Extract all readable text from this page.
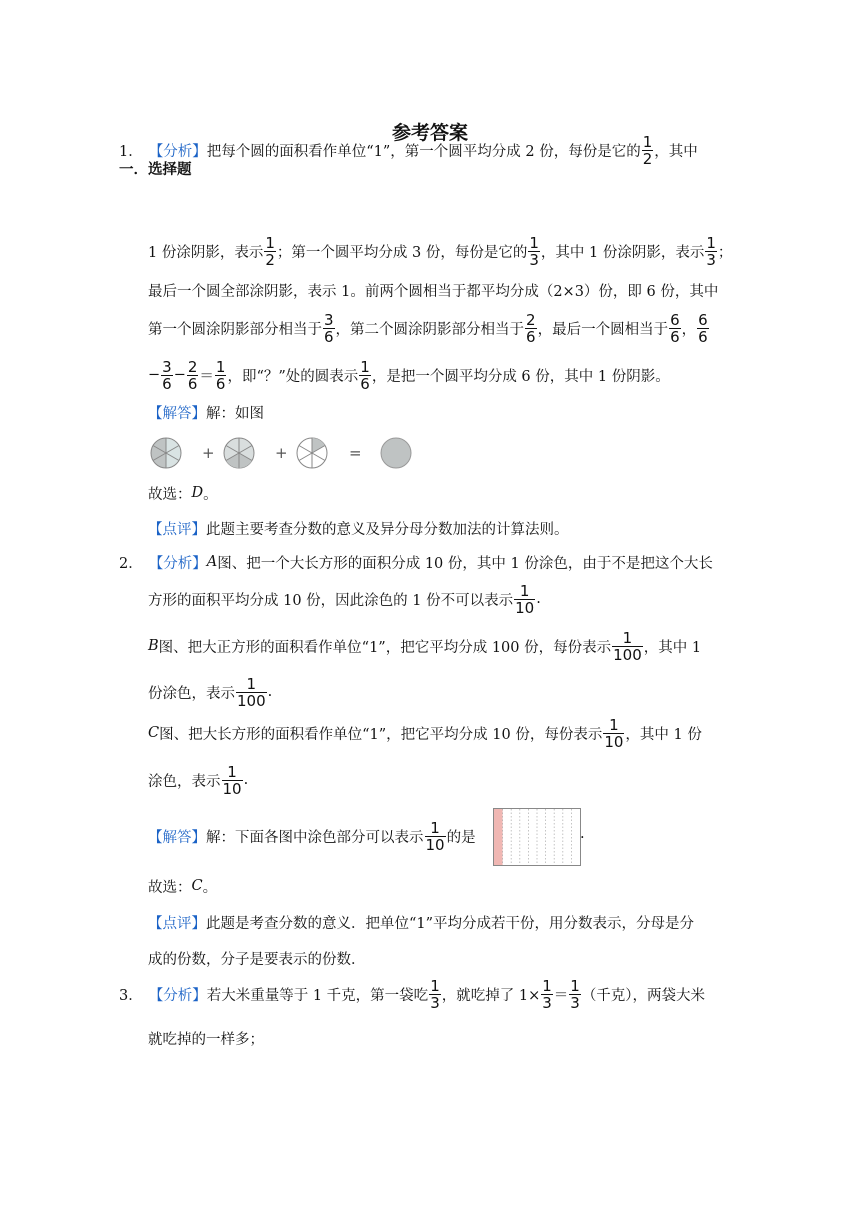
参考答案
一．选择题
1． 【分析】 把每个圆的面积看作单位“1”，第一个圆平均分成 2 份，每份是它的 $\frac{1}{2}$ ，其中
1 份涂阴影，表示 $\frac{1}{2}$ ；第一个圆平均分成 3 份，每份是它的 $\frac{1}{3}$ ，其中 1 份涂阴影，表示 $\frac{1}{3}$ ；
最后一个圆全部涂阴影，表示 1。前两个圆相当于都平均分成（2×3）份，即 6 份，其中
第一个圆涂阴影部分相当于 $\frac{3}{6}$ ，第二个圆涂阴影部分相当于 $\frac{2}{6}$ ，最后一个圆相当于 $\frac{6}{6}$ ， $\frac{6}{6}$
− $\frac{3}{6} - \frac{2}{6} = \frac{1}{6}$ ，即“？”处的圆表示 $\frac{1}{6}$ ，是把一个圆平均分成 6 份，其中 1 份阴影。
【解答】 解：如图
+	+	=
故选： D 。
【点评】 此题主要考查分数的意义及异分母分数加法的计算法则。
2． 【分析】 A 图、把一个大长方形的面积分成 10 份，其中 1 份涂色，由于不是把这个大长
方形的面积平均分成 10 份，因此涂色的 1 份不可以表示 $\frac{1}{10}$ .
B 图、把大正方形的面积看作单位“1”，把它平均分成 100 份，每份表示 $\frac{1}{100}$ ，其中 1
份涂色，表示 $\frac{1}{100}$ .
C 图、把大长方形的面积看作单位“1”，把它平均分成 10 份，每份表示 $\frac{1}{10}$ ，其中 1 份
涂色，表示 $\frac{1}{10}$ .
【解答】 解：下面各图中涂色部分可以表示 $\frac{1}{10}$ 的是	.
故选： C 。
【点评】 此题是考查分数的意义．把单位“1”平均分成若干份，用分数表示，分母是分
成的份数，分子是要表示的份数．
3． 【分析】 若大米重量等于 1 千克，第一袋吃 $\frac{1}{3}$ ，就吃掉了 $1\times \frac{1}{3} = \frac{1}{3}$ （千克），两袋大米
就吃掉的一样多；
